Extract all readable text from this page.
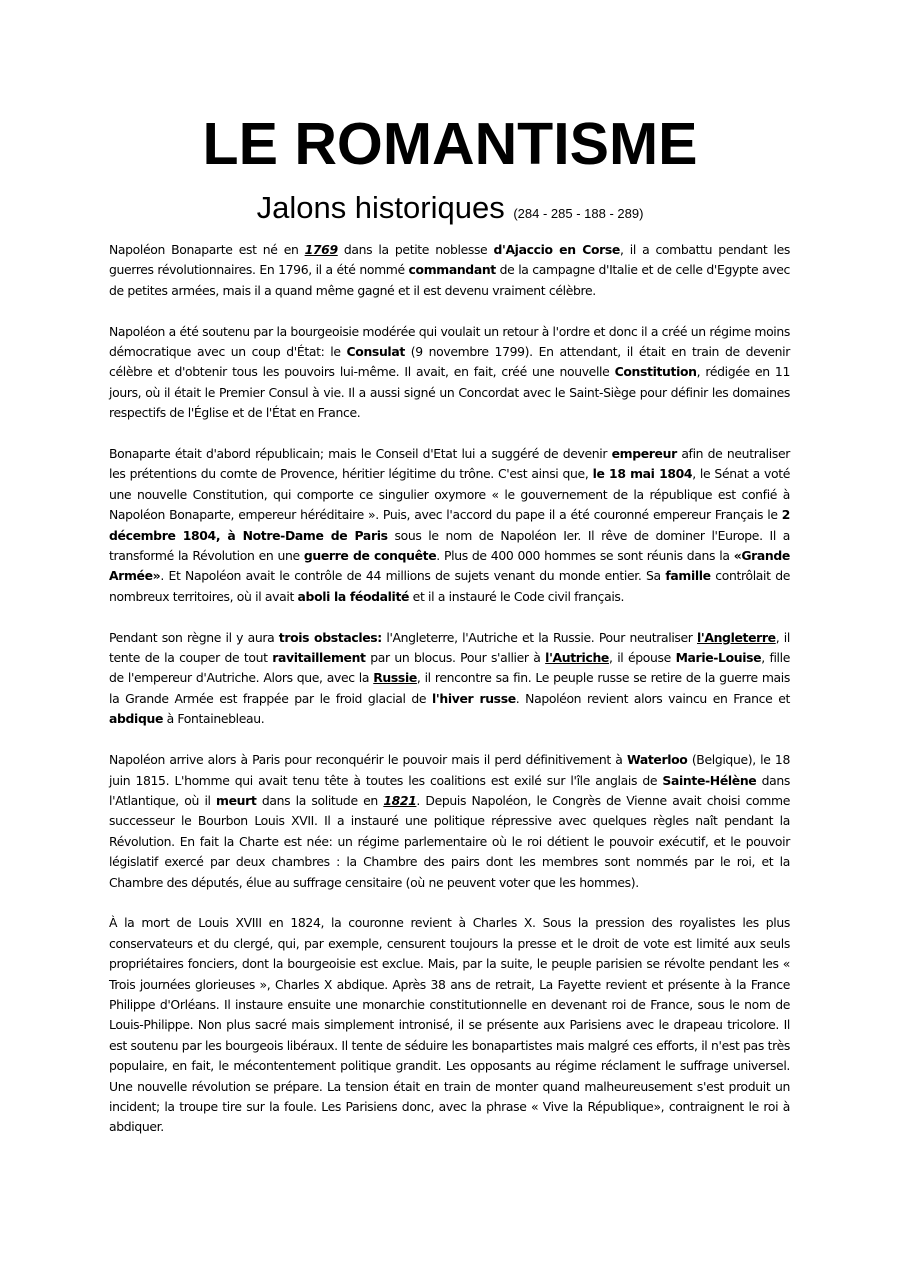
LE ROMANTISME
Jalons historiques (284 - 285 - 188 - 289)

Napoléon Bonaparte est né en 1769 dans la petite noblesse d'Ajaccio en Corse, il a combattu pendant les guerres révolutionnaires. En 1796, il a été nommé commandant de la campagne d'Italie et de celle d'Egypte avec de petites armées, mais il a quand même gagné et il est devenu vraiment célèbre.

Napoléon a été soutenu par la bourgeoisie modérée qui voulait un retour à l'ordre et donc il a créé un régime moins démocratique avec un coup d'État: le Consulat (9 novembre 1799). En attendant, il était en train de devenir célèbre et d'obtenir tous les pouvoirs lui-même. Il avait, en fait, créé une nouvelle Constitution, rédigée en 11 jours, où il était le Premier Consul à vie. Il a aussi signé un Concordat avec le Saint-Siège pour définir les domaines respectifs de l'Église et de l'État en France.

Bonaparte était d'abord républicain; mais le Conseil d'Etat lui a suggéré de devenir empereur afin de neutraliser les prétentions du comte de Provence, héritier légitime du trône. C'est ainsi que, le 18 mai 1804, le Sénat a voté une nouvelle Constitution, qui comporte ce singulier oxymore « le gouvernement de la république est confié à Napoléon Bonaparte, empereur héréditaire ». Puis, avec l'accord du pape il a été couronné empereur Français le 2 décembre 1804, à Notre-Dame de Paris sous le nom de Napoléon Ier. Il rêve de dominer l'Europe. Il a transformé la Révolution en une guerre de conquête. Plus de 400 000 hommes se sont réunis dans la «Grande Armée». Et Napoléon avait le contrôle de 44 millions de sujets venant du monde entier. Sa famille contrôlait de nombreux territoires, où il avait aboli la féodalité et il a instauré le Code civil français.

Pendant son règne il y aura trois obstacles: l'Angleterre, l'Autriche et la Russie. Pour neutraliser l'Angleterre, il tente de la couper de tout ravitaillement par un blocus. Pour s'allier à l'Autriche, il épouse Marie-Louise, fille de l'empereur d'Autriche. Alors que, avec la Russie, il rencontre sa fin. Le peuple russe se retire de la guerre mais la Grande Armée est frappée par le froid glacial de l'hiver russe. Napoléon revient alors vaincu en France et abdique à Fontainebleau.

Napoléon arrive alors à Paris pour reconquérir le pouvoir mais il perd définitivement à Waterloo (Belgique), le 18 juin 1815. L'homme qui avait tenu tête à toutes les coalitions est exilé sur l'île anglais de Sainte-Hélène dans l'Atlantique, où il meurt dans la solitude en 1821. Depuis Napoléon, le Congrès de Vienne avait choisi comme successeur le Bourbon Louis XVII. Il a instauré une politique répressive avec quelques règles naît pendant la Révolution. En fait la Charte est née: un régime parlementaire où le roi détient le pouvoir exécutif, et le pouvoir législatif exercé par deux chambres : la Chambre des pairs dont les membres sont nommés par le roi, et la Chambre des députés, élue au suffrage censitaire (où ne peuvent voter que les hommes).

À la mort de Louis XVIII en 1824, la couronne revient à Charles X. Sous la pression des royalistes les plus conservateurs et du clergé, qui, par exemple, censurent toujours la presse et le droit de vote est limité aux seuls propriétaires fonciers, dont la bourgeoisie est exclue. Mais, par la suite, le peuple parisien se révolte pendant les « Trois journées glorieuses », Charles X abdique. Après 38 ans de retrait, La Fayette revient et présente à la France Philippe d'Orléans. Il instaure ensuite une monarchie constitutionnelle en devenant roi de France, sous le nom de Louis-Philippe. Non plus sacré mais simplement intronisé, il se présente aux Parisiens avec le drapeau tricolore. Il est soutenu par les bourgeois libéraux. Il tente de séduire les bonapartistes mais malgré ces efforts, il n'est pas très populaire, en fait, le mécontentement politique grandit. Les opposants au régime réclament le suffrage universel. Une nouvelle révolution se prépare. La tension était en train de monter quand malheureusement s'est produit un incident; la troupe tire sur la foule. Les Parisiens donc, avec la phrase « Vive la République», contraignent le roi à abdiquer.
